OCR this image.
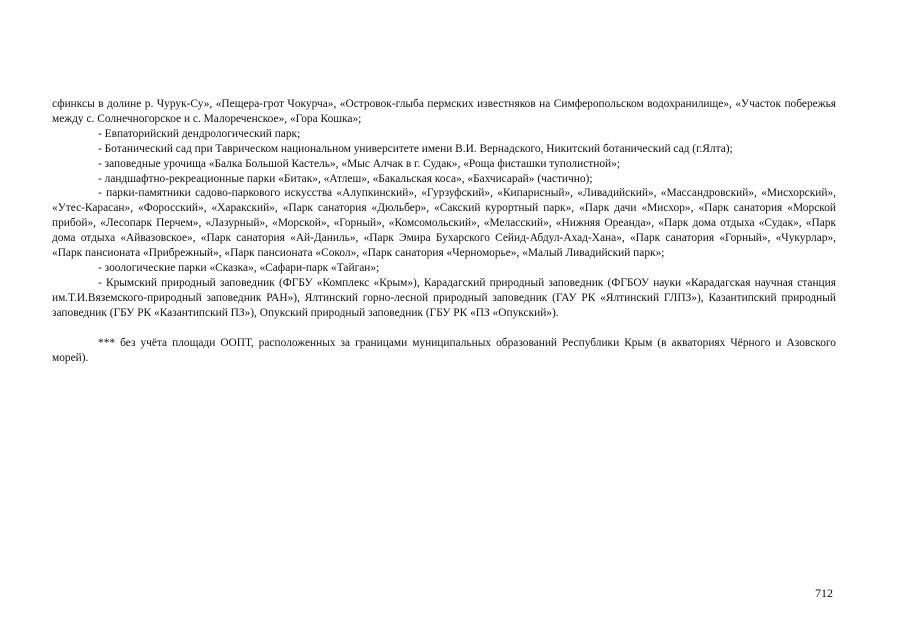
сфинксы в долине р. Чурук-Су», «Пещера-грот Чокурча», «Островок-глыба пермских известняков на Симферопольском водохранилище», «Участок побережья между с. Солнечногорское и с. Малореченское», «Гора Кошка»;

- Евпаторийский дендрологический парк;

- Ботанический сад при Таврическом национальном университете имени В.И. Вернадского, Никитский ботанический сад (г.Ялта);

- заповедные урочища «Балка Большой Кастель», «Мыс Алчак в г. Судак», «Роща фисташки туполистной»;

- ландшафтно-рекреационные парки «Битак», «Атлеш», «Бакальская коса», «Бахчисарай» (частично);

- парки-памятники садово-паркового искусства «Алупкинский», «Гурзуфский», «Кипарисный», «Ливадийский», «Массандровский», «Мисхорский», «Утес-Карасан», «Форосский», «Харакский», «Парк санатория «Дюльбер», «Сакский курортный парк», «Парк дачи «Мисхор», «Парк санатория «Морской прибой», «Лесопарк Перчем», «Лазурный», «Морской», «Горный», «Комсомольский», «Меласский», «Нижняя Ореанда», «Парк дома отдыха «Судак», «Парк дома отдыха «Айвазовское», «Парк санатория «Ай-Даниль», «Парк Эмира Бухарского Сейид-Абдул-Ахад-Хана», «Парк санатория «Горный», «Чукурлар», «Парк пансионата «Прибрежный», «Парк пансионата «Сокол», «Парк санатория «Черноморье», «Малый Ливадийский парк»;

- зоологические парки «Сказка», «Сафари-парк «Тайган»;

- Крымский природный заповедник (ФГБУ «Комплекс «Крым»), Карадагский природный заповедник (ФГБОУ науки «Карадагская научная станция им.Т.И.Вяземского-природный заповедник РАН»), Ялтинский горно-лесной природный заповедник (ГАУ РК «Ялтинский ГЛПЗ»), Казантипский природный заповедник (ГБУ РК «Казантипский ПЗ»), Опукский природный заповедник (ГБУ РК «ПЗ «Опукский»).

*** без учёта площади ООПТ, расположенных за границами муниципальных образований Республики Крым (в акваториях Чёрного и Азовского морей).

712
